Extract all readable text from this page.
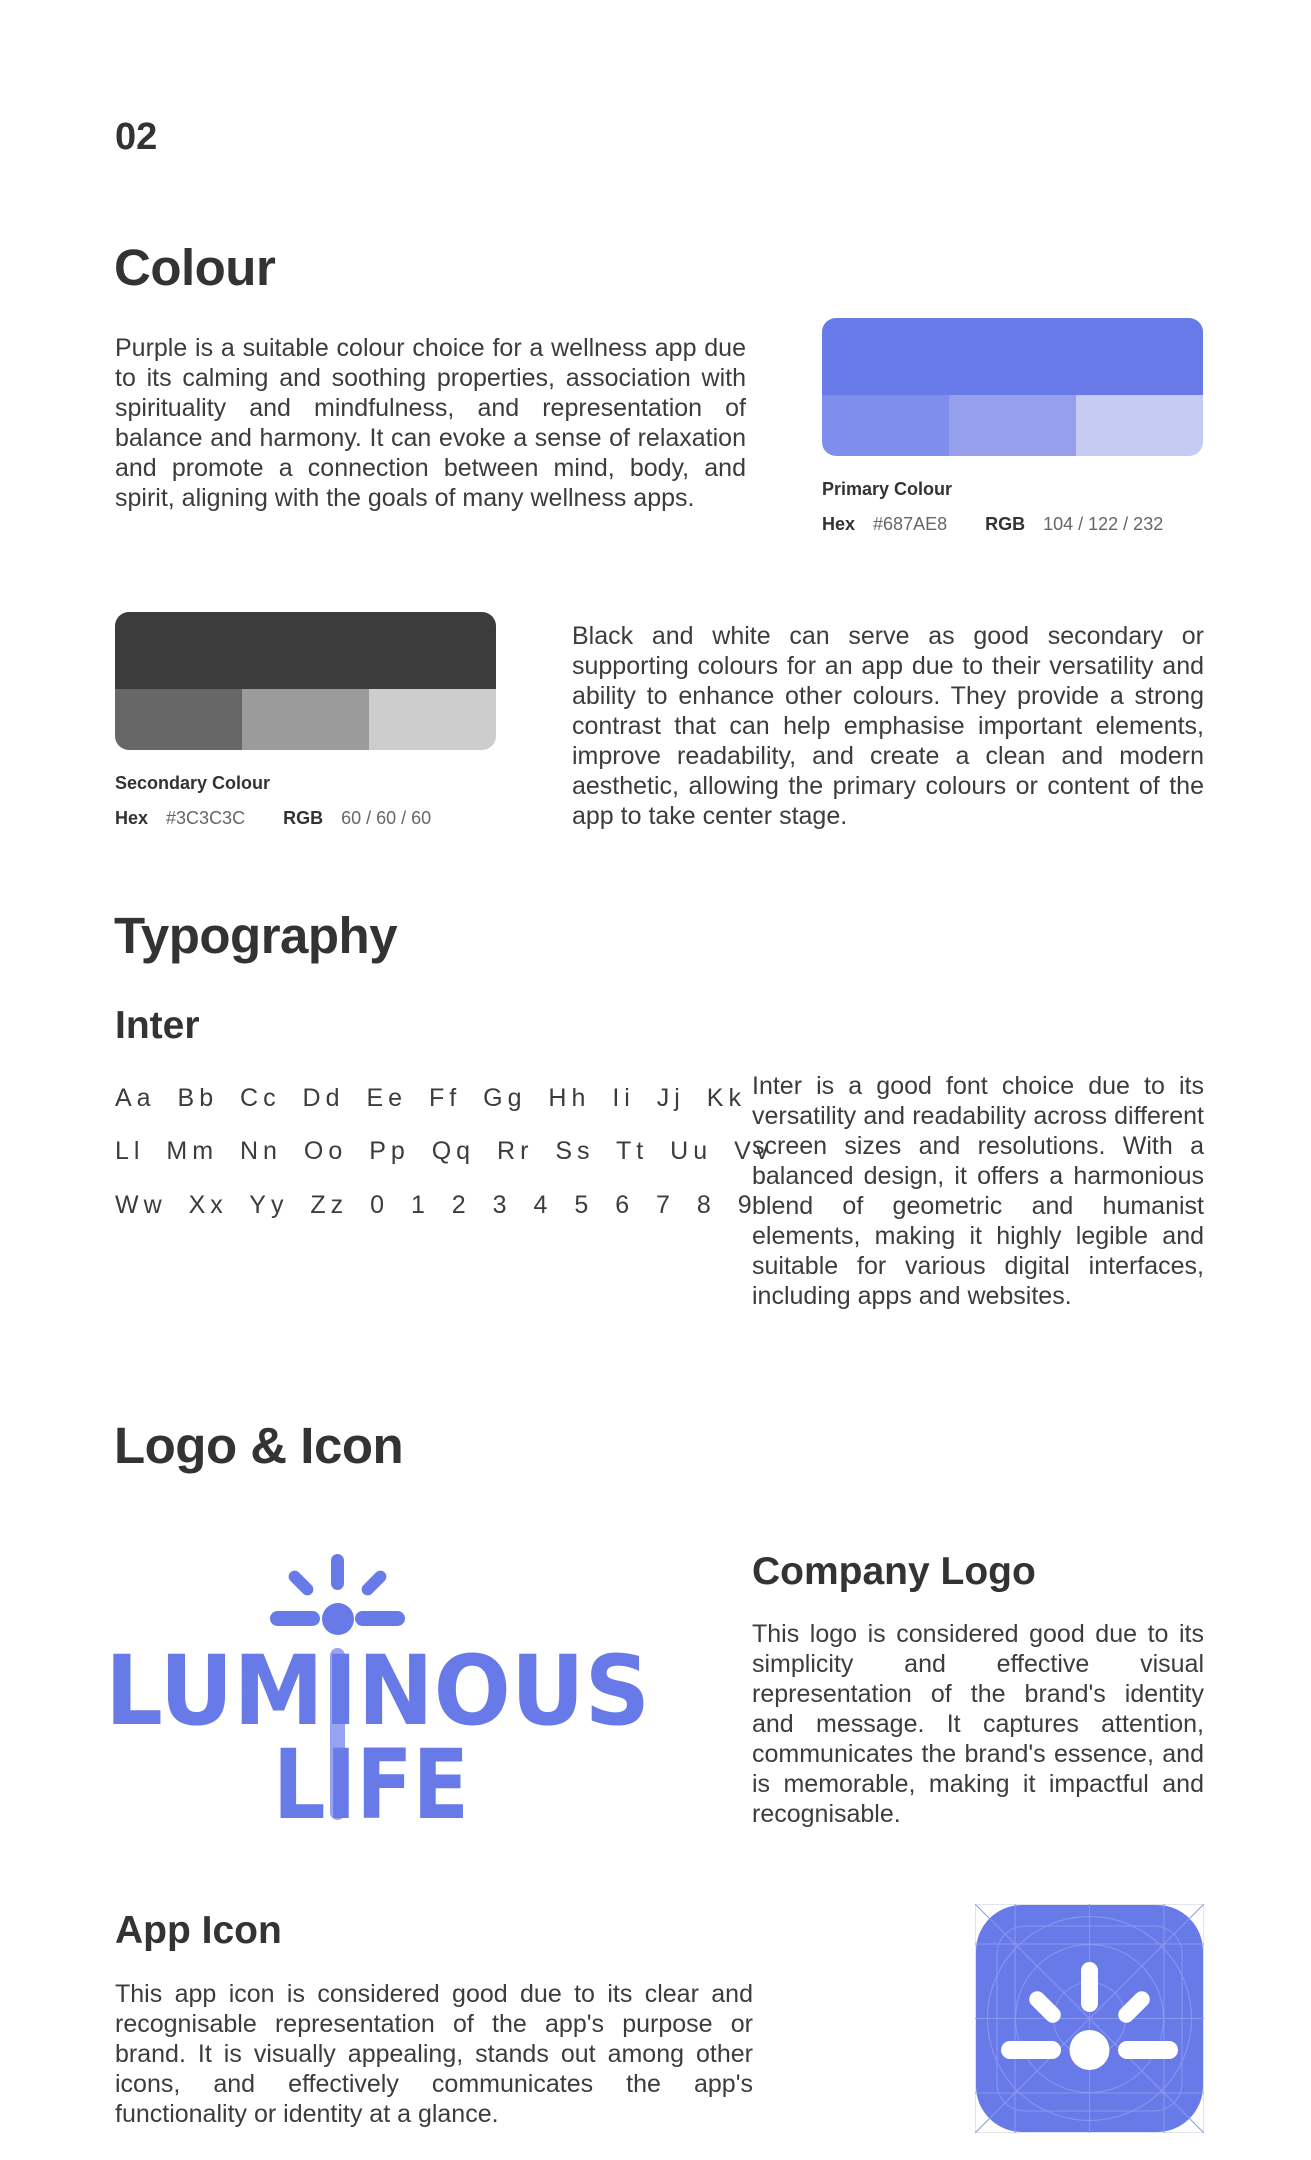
02
Colour

Purple is a suitable colour choice for a wellness app due to its calming and soothing properties, association with spirituality and mindfulness, and representation of balance and harmony. It can evoke a sense of relaxation and promote a connection between mind, body, and spirit, aligning with the goals of many wellness apps.	Primary Colour
Hex #687AE8 RGB 104 / 122 / 232
Secondary Colour
Hex #3C3C3C RGB 60 / 60 / 60

Black and white can serve as good secondary or supporting colours for an app due to their versatility and ability to enhance other colours. They provide a strong contrast that can help emphasise important elements, improve readability, and create a clean and modern aesthetic, allowing the primary colours or content of the app to take center stage.

Typography
Inter
Aa Bb Cc Dd Ee Ff Gg Hh Ii Jj Kk
Ll Mm Nn Oo Pp Qq Rr Ss Tt Uu Vv
Ww Xx Yy Zz 0 1 2 3 4 5 6 7 8 9

Inter is a good font choice due to its versatility and readability across different screen sizes and resolutions. With a balanced design, it offers a harmonious blend of geometric and humanist elements, making it highly legible and suitable for various digital interfaces, including apps and websites.

Logo & Icon
LUMINOUS
LIFE
Company Logo

This logo is considered good due to its simplicity and effective visual representation of the brand's identity and message. It captures attention, communicates the brand's essence, and is memorable, making it impactful and recognisable.

App Icon

This app icon is considered good due to its clear and recognisable representation of the app's purpose or brand. It is visually appealing, stands out among other icons, and effectively communicates the app's functionality or identity at a glance.
